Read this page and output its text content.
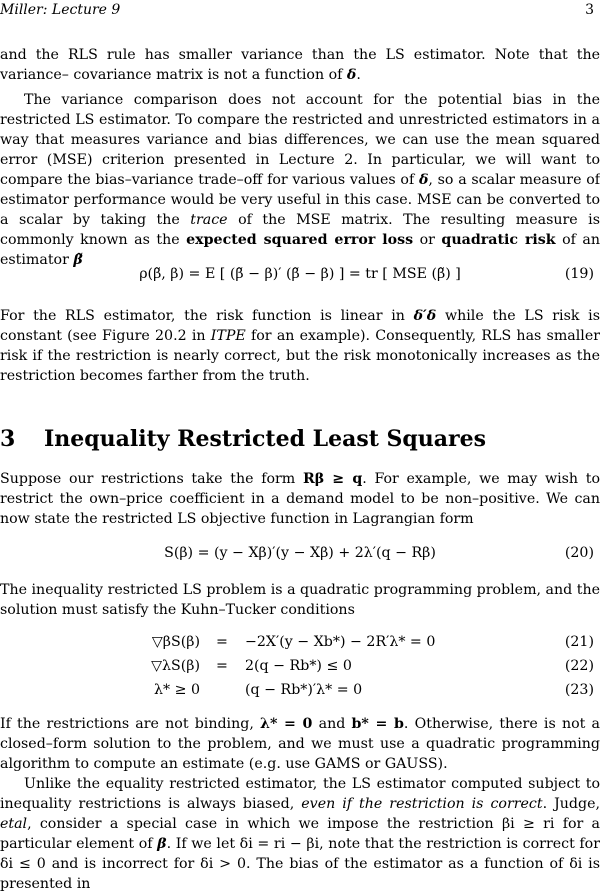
Miller: Lecture 9	3
and the RLS rule has smaller variance than the LS estimator. Note that the variance– covariance matrix is not a function of δ.
The variance comparison does not account for the potential bias in the restricted LS estimator. To compare the restricted and unrestricted estimators in a way that measures variance and bias differences, we can use the mean squared error (MSE) criterion presented in Lecture 2. In particular, we will want to compare the bias–variance trade–off for various values of δ, so a scalar measure of estimator performance would be very useful in this case. MSE can be converted to a scalar by taking the trace of the MSE matrix. The resulting measure is commonly known as the expected squared error loss or quadratic risk of an estimator β̃
ρ(β̃, β) = E [ (β̃ − β)′ (β̃ − β) ] = tr [ MSE (β̃) ]	(19)
For the RLS estimator, the risk function is linear in δ′δ while the LS risk is constant (see Figure 20.2 in ITPE for an example). Consequently, RLS has smaller risk if the restriction is nearly correct, but the risk monotonically increases as the restriction becomes farther from the truth.
3 Inequality Restricted Least Squares
Suppose our restrictions take the form Rβ ≥ q. For example, we may wish to restrict the own–price coefficient in a demand model to be non–positive. We can now state the restricted LS objective function in Lagrangian form
S(β) = (y − Xβ)′(y − Xβ) + 2λ′(q − Rβ)	(20)
The inequality restricted LS problem is a quadratic programming problem, and the solution must satisfy the Kuhn–Tucker conditions
▽βS(β) = −2X′(y − Xb*) − 2R′λ* = 0	(21)
▽λS(β) = 2(q − Rb*) ≤ 0	(22)
λ* ≥ 0	(q − Rb*)′λ* = 0	(23)
If the restrictions are not binding, λ* = 0 and b* = b. Otherwise, there is not a closed–form solution to the problem, and we must use a quadratic programming algorithm to compute an estimate (e.g. use GAMS or GAUSS).
Unlike the equality restricted estimator, the LS estimator computed subject to inequality restrictions is always biased, even if the restriction is correct. Judge, etal, consider a special case in which we impose the restriction βi ≥ ri for a particular element of β. If we let δi = ri − βi, note that the restriction is correct for δi ≤ 0 and is incorrect for δi > 0. The bias of the estimator as a function of δi is presented in
